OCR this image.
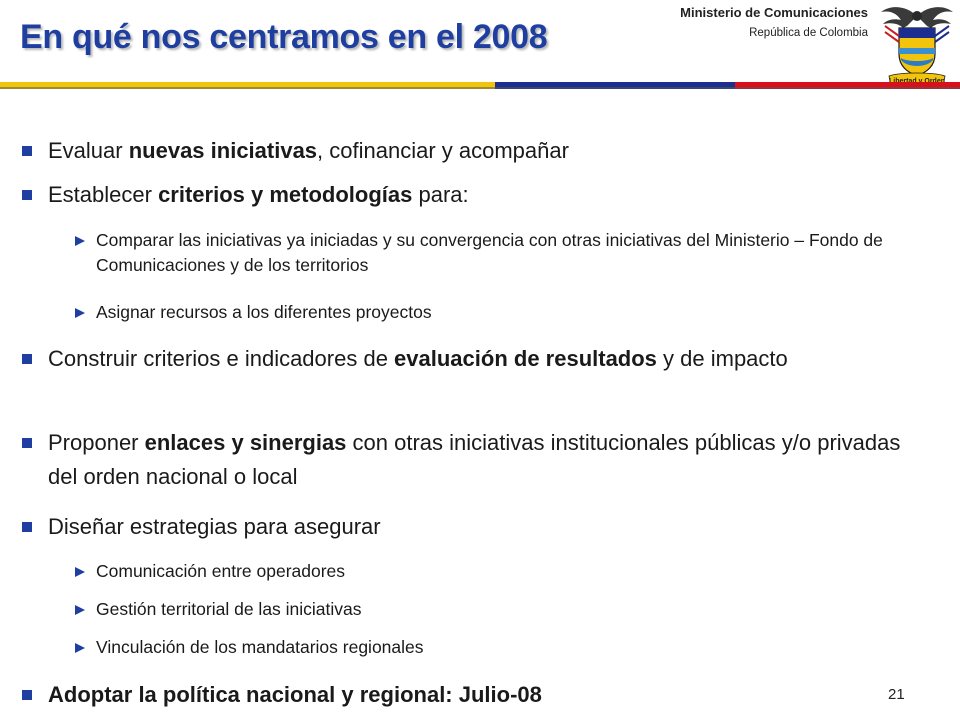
En qué nos centramos en el 2008
Ministerio de Comunicaciones
República de Colombia
Evaluar nuevas iniciativas, cofinanciar y acompañar
Establecer criterios y metodologías para:
Comparar las iniciativas ya iniciadas y su convergencia con otras iniciativas del Ministerio – Fondo de Comunicaciones y de los territorios
Asignar recursos a los diferentes proyectos
Construir criterios e indicadores de evaluación de resultados y de impacto
Proponer enlaces y sinergias con otras iniciativas institucionales públicas y/o privadas del orden nacional o local
Diseñar estrategias para asegurar
Comunicación entre operadores
Gestión territorial de las iniciativas
Vinculación de los mandatarios regionales
Adoptar la política nacional y regional: Julio-08	21
